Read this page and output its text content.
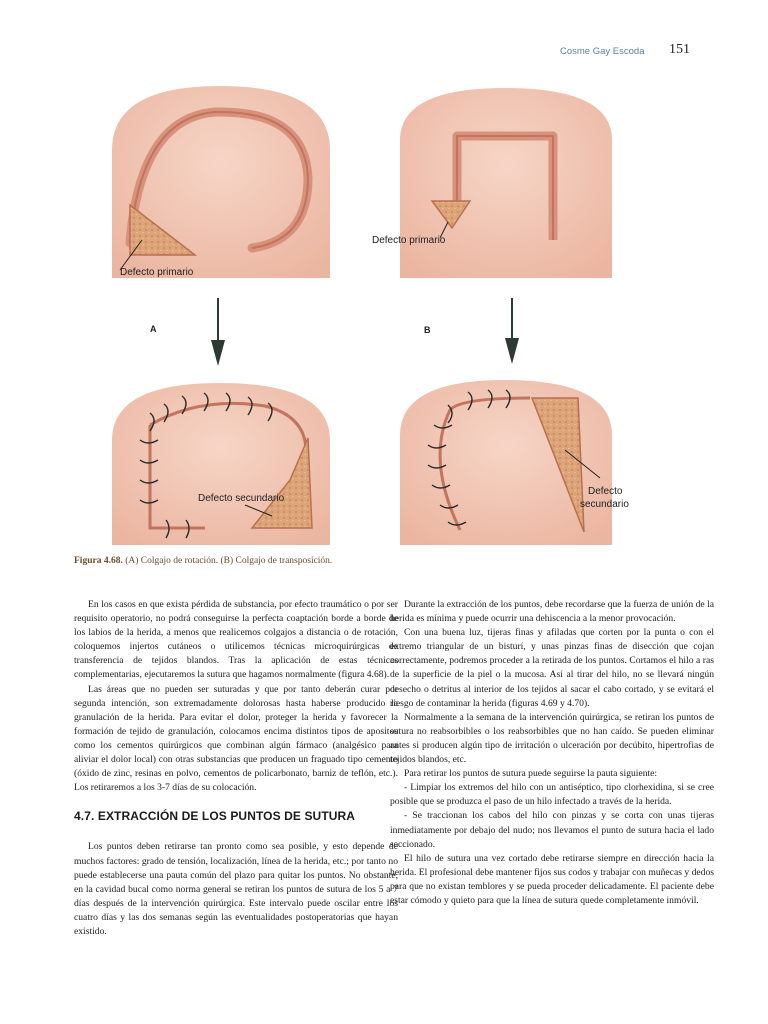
Cosme Gay Escoda 151
Defecto primario
Defecto primario
A	B
Defecto secundario
Defecto
secundario
Figura 4.68. (A) Colgajo de rotación. (B) Colgajo de transposición.

En los casos en que exista pérdida de substancia, por efecto traumático o por ser requisito operatorio, no podrá conseguirse la perfecta coaptación borde a borde de los labios de la herida, a menos que realicemos colgajos a distancia o de rotación, coloquemos injertos cutáneos o utilicemos técnicas microquirúrgicas de transferencia de tejidos blandos. Tras la aplicación de estas técnicas complementarias, ejecutaremos la sutura que hagamos normalmente (figura 4.68).

Las áreas que no pueden ser suturadas y que por tanto deberán curar por segunda intención, son extremadamente dolorosas hasta haberse producido la granulación de la herida. Para evitar el dolor, proteger la herida y favorecer la formación de tejido de granulación, colocamos encima distintos tipos de apositos como los cementos quirúrgicos que combinan algún fármaco (analgésico para aliviar el dolor local) con otras substancias que producen un fraguado tipo cemento (óxido de zinc, resinas en polvo, cementos de policarbonato, barniz de teflón, etc.). Los retiraremos a los 3-7 días de su colocación.

4.7. EXTRACCIÓN DE LOS PUNTOS DE SUTURA

Los puntos deben retirarse tan pronto como sea posible, y esto depende de muchos factores: grado de tensión, localización, línea de la herida, etc.; por tanto no puede establecerse una pauta común del plazo para quitar los puntos. No obstante, en la cavidad bucal como norma general se retiran los puntos de sutura de los 5 a 7 días después de la intervención quirúrgica. Este intervalo puede oscilar entre los cuatro días y las dos semanas según las eventualidades postoperatorias que hayan existido.

Durante la extracción de los puntos, debe recordarse que la fuerza de unión de la herida es mínima y puede ocurrir una dehiscencia a la menor provocación.

Con una buena luz, tijeras finas y afiladas que corten por la punta o con el extremo triangular de un bisturí, y unas pinzas finas de disección que cojan correctamente, podremos proceder a la retirada de los puntos. Cortamos el hilo a ras de la superficie de la piel o la mucosa. Así al tirar del hilo, no se llevará ningún desecho o detritus al interior de los tejidos al sacar el cabo cortado, y se evitará el riesgo de contaminar la herida (figuras 4.69 y 4.70).

Normalmente a la semana de la intervención quirúrgica, se retiran los puntos de sutura no reabsorbibles o los reabsorbibles que no han caído. Se pueden eliminar antes si producen algún tipo de irritación o ulceración por decúbito, hipertrofias de tejidos blandos, etc.

Para retirar los puntos de sutura puede seguirse la pauta siguiente:

- Limpiar los extremos del hilo con un antiséptico, tipo clorhexidina, si se cree posible que se produzca el paso de un hilo infectado a través de la herida.

- Se traccionan los cabos del hilo con pinzas y se corta con unas tijeras inmediatamente por debajo del nudo; nos llevamos el punto de sutura hacia el lado seccionado.

El hilo de sutura una vez cortado debe retirarse siempre en dirección hacia la herida. El profesional debe mantener fijos sus codos y trabajar con muñecas y dedos para que no existan temblores y se pueda proceder delicadamente. El paciente debe estar cómodo y quieto para que la línea de sutura quede completamente inmóvil.
